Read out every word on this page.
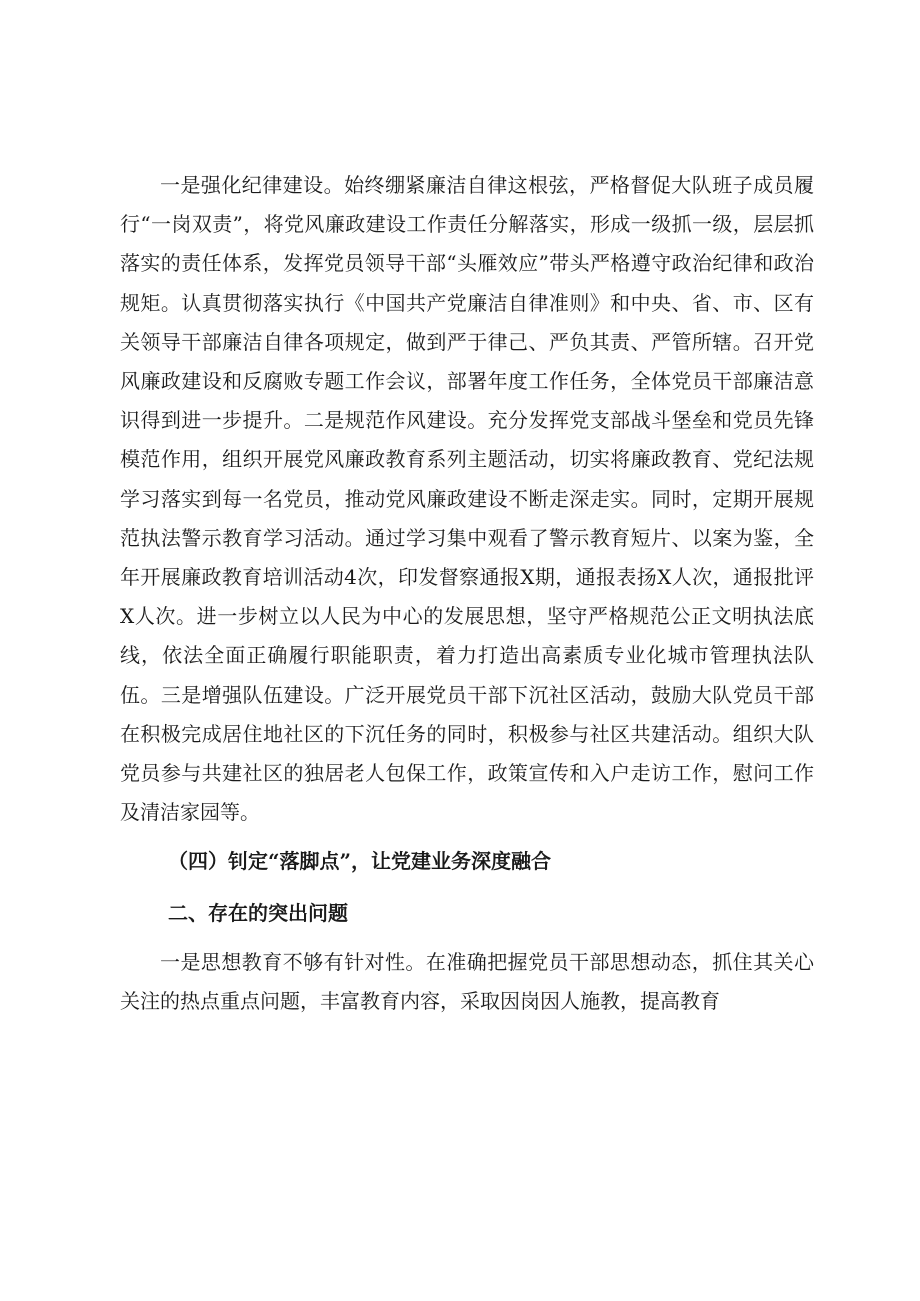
一是强化纪律建设。始终绷紧廉洁自律这根弦，严格督促大队班子成员履行“一岗双责”，将党风廉政建设工作责任分解落实，形成一级抓一级，层层抓落实的责任体系，发挥党员领导干部“头雁效应”带头严格遵守政治纪律和政治规矩。认真贯彻落实执行《中国共产党廉洁自律准则》和中央、省、市、区有关领导干部廉洁自律各项规定，做到严于律己、严负其责、严管所辖。召开党风廉政建设和反腐败专题工作会议，部署年度工作任务，全体党员干部廉洁意识得到进一步提升。二是规范作风建设。充分发挥党支部战斗堡垒和党员先锋模范作用，组织开展党风廉政教育系列主题活动，切实将廉政教育、党纪法规学习落实到每一名党员，推动党风廉政建设不断走深走实。同时，定期开展规范执法警示教育学习活动。通过学习集中观看了警示教育短片、以案为鉴，全年开展廉政教育培训活动4次，印发督察通报X期，通报表扬X人次，通报批评X人次。进一步树立以人民为中心的发展思想，坚守严格规范公正文明执法底线，依法全面正确履行职能职责，着力打造出高素质专业化城市管理执法队伍。三是增强队伍建设。广泛开展党员干部下沉社区活动，鼓励大队党员干部在积极完成居住地社区的下沉任务的同时，积极参与社区共建活动。组织大队党员参与共建社区的独居老人包保工作，政策宣传和入户走访工作，慰问工作及清洁家园等。

（四）钊定“落脚点”，让党建业务深度融合

二、存在的突出问题

一是思想教育不够有针对性。在准确把握党员干部思想动态，抓住其关心关注的热点重点问题，丰富教育内容，采取因岗因人施教，提高教育
